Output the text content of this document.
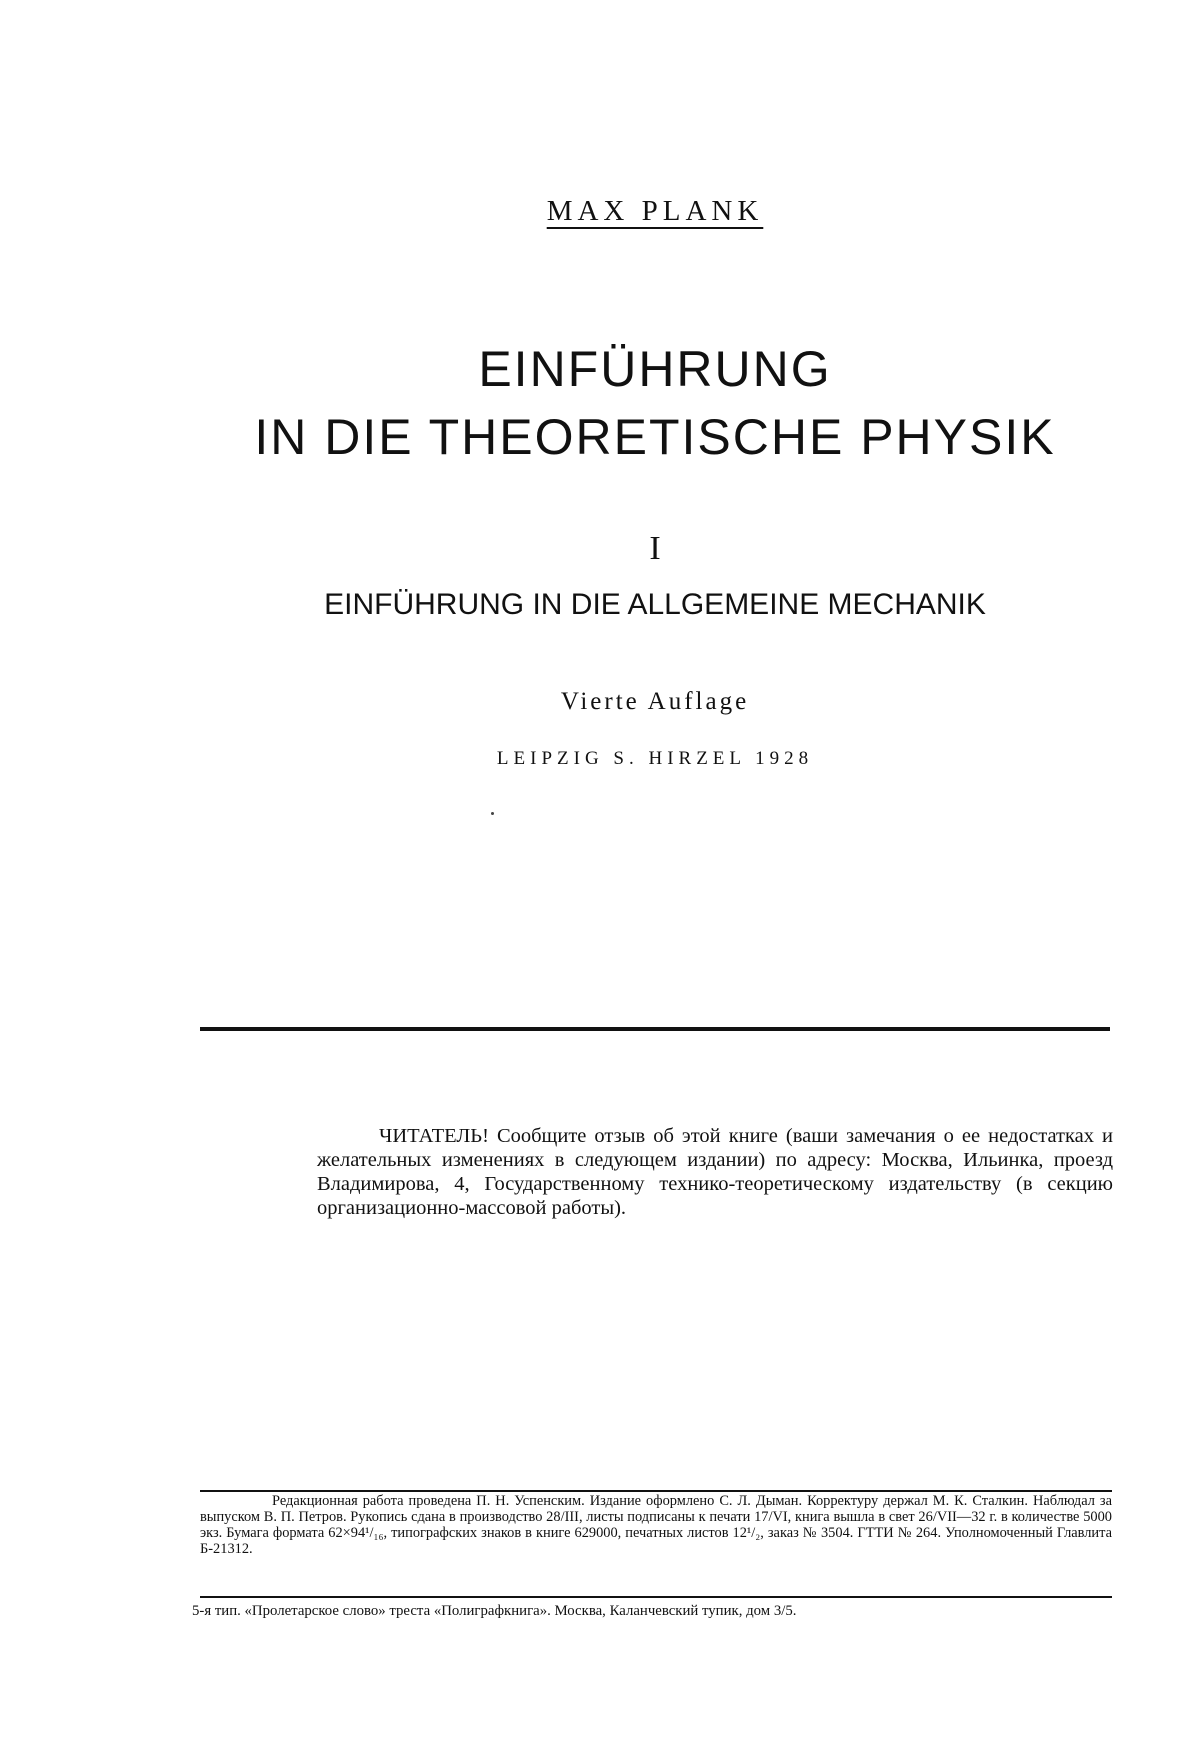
MAX PLANK
EINFÜHRUNG
IN DIE THEORETISCHE PHYSIK
I
EINFÜHRUNG IN DIE ALLGEMEINE MECHANIK
Vierte Auflage
LEIPZIG S. HIRZEL 1928
ЧИТАТЕЛЬ! Сообщите отзыв об этой книге (ваши замечания о ее недостатках и желательных изменениях в следующем издании) по адресу: Москва, Ильинка, проезд Владимирова, 4, Государственному технико-теоретическому издательству (в секцию организационно-массовой работы).
Редакционная работа проведена П. Н. Успенским. Издание оформлено С. Л. Дыман. Корректуру держал М. К. Сталкин. Наблюдал за выпуском В. П. Петров. Рукопись сдана в производство 28/III, листы подписаны к печати 17/VI, книга вышла в свет 26/VII—32 г. в количестве 5000 экз. Бумага формата 62×94¹/₁₆, типографских знаков в книге 629000, печатных листов 12¹/₂, заказ № 3504. ГТТИ № 264. Уполномоченный Главлита Б-21312.
5-я тип. «Пролетарское слово» треста «Полиграфкнига». Москва, Каланчевский тупик, дом 3/5.
